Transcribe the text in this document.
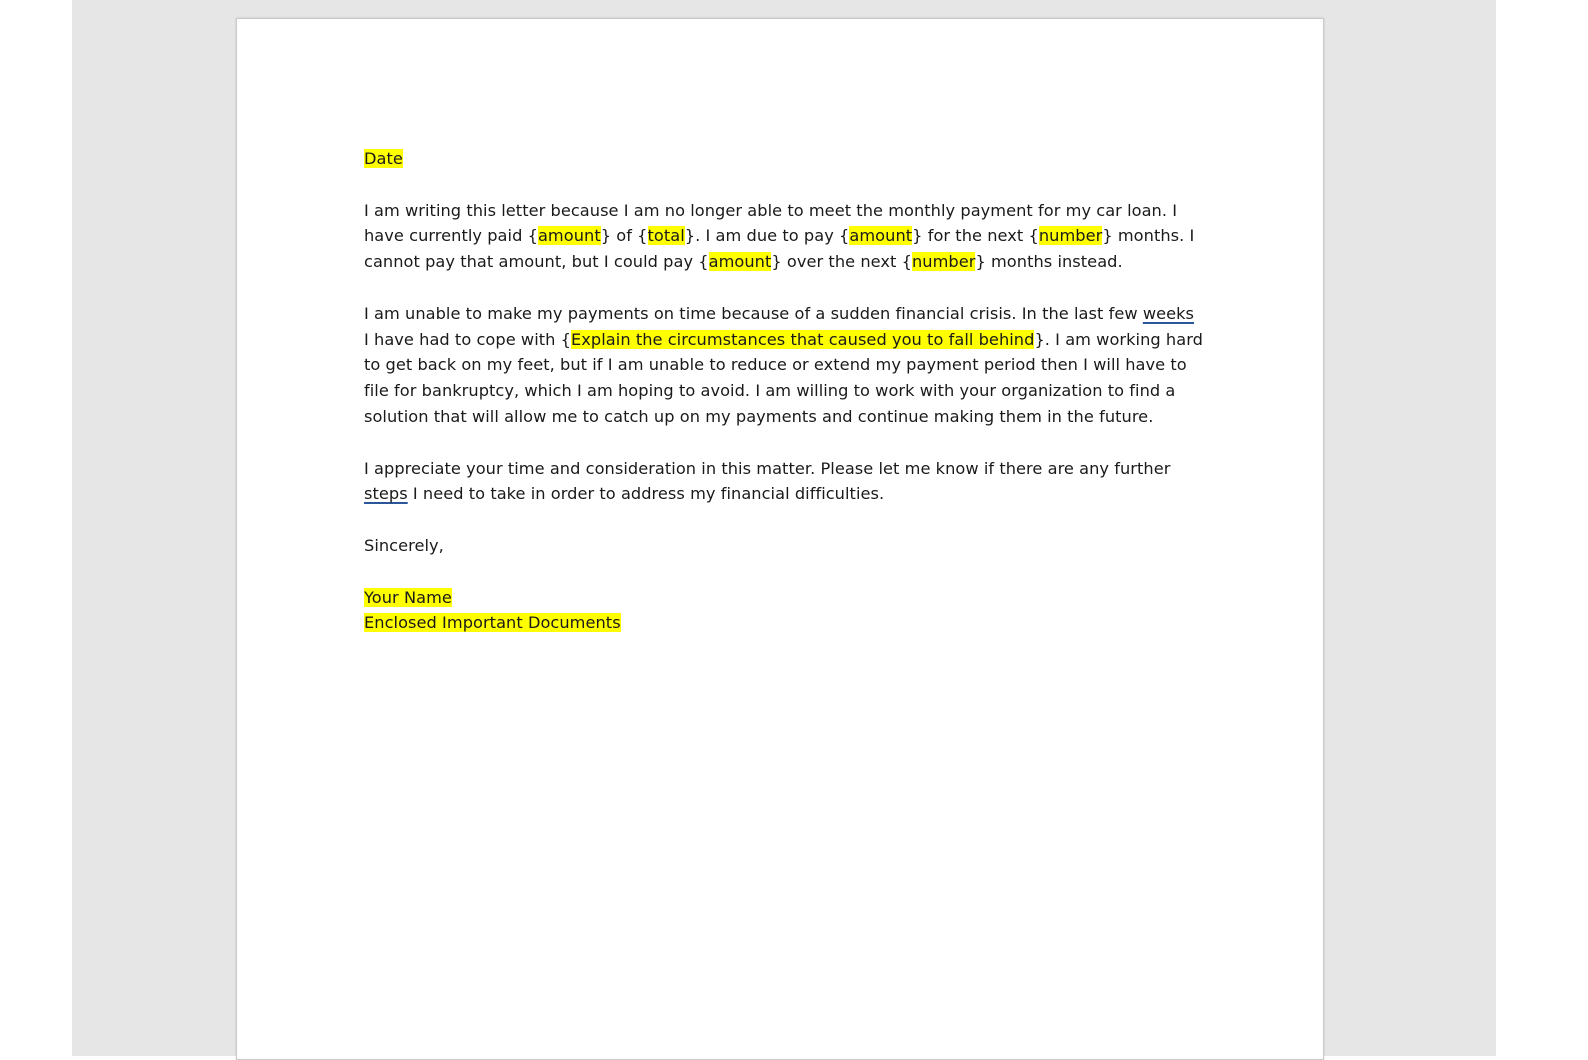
Date

I am writing this letter because I am no longer able to meet the monthly payment for my car loan. I have currently paid {amount} of {total}. I am due to pay {amount} for the next {number} months. I cannot pay that amount, but I could pay {amount} over the next {number} months instead.

I am unable to make my payments on time because of a sudden financial crisis. In the last few weeks I have had to cope with {Explain the circumstances that caused you to fall behind}. I am working hard to get back on my feet, but if I am unable to reduce or extend my payment period then I will have to file for bankruptcy, which I am hoping to avoid. I am willing to work with your organization to find a solution that will allow me to catch up on my payments and continue making them in the future.

I appreciate your time and consideration in this matter. Please let me know if there are any further steps I need to take in order to address my financial difficulties.

Sincerely,

Your Name

Enclosed Important Documents
